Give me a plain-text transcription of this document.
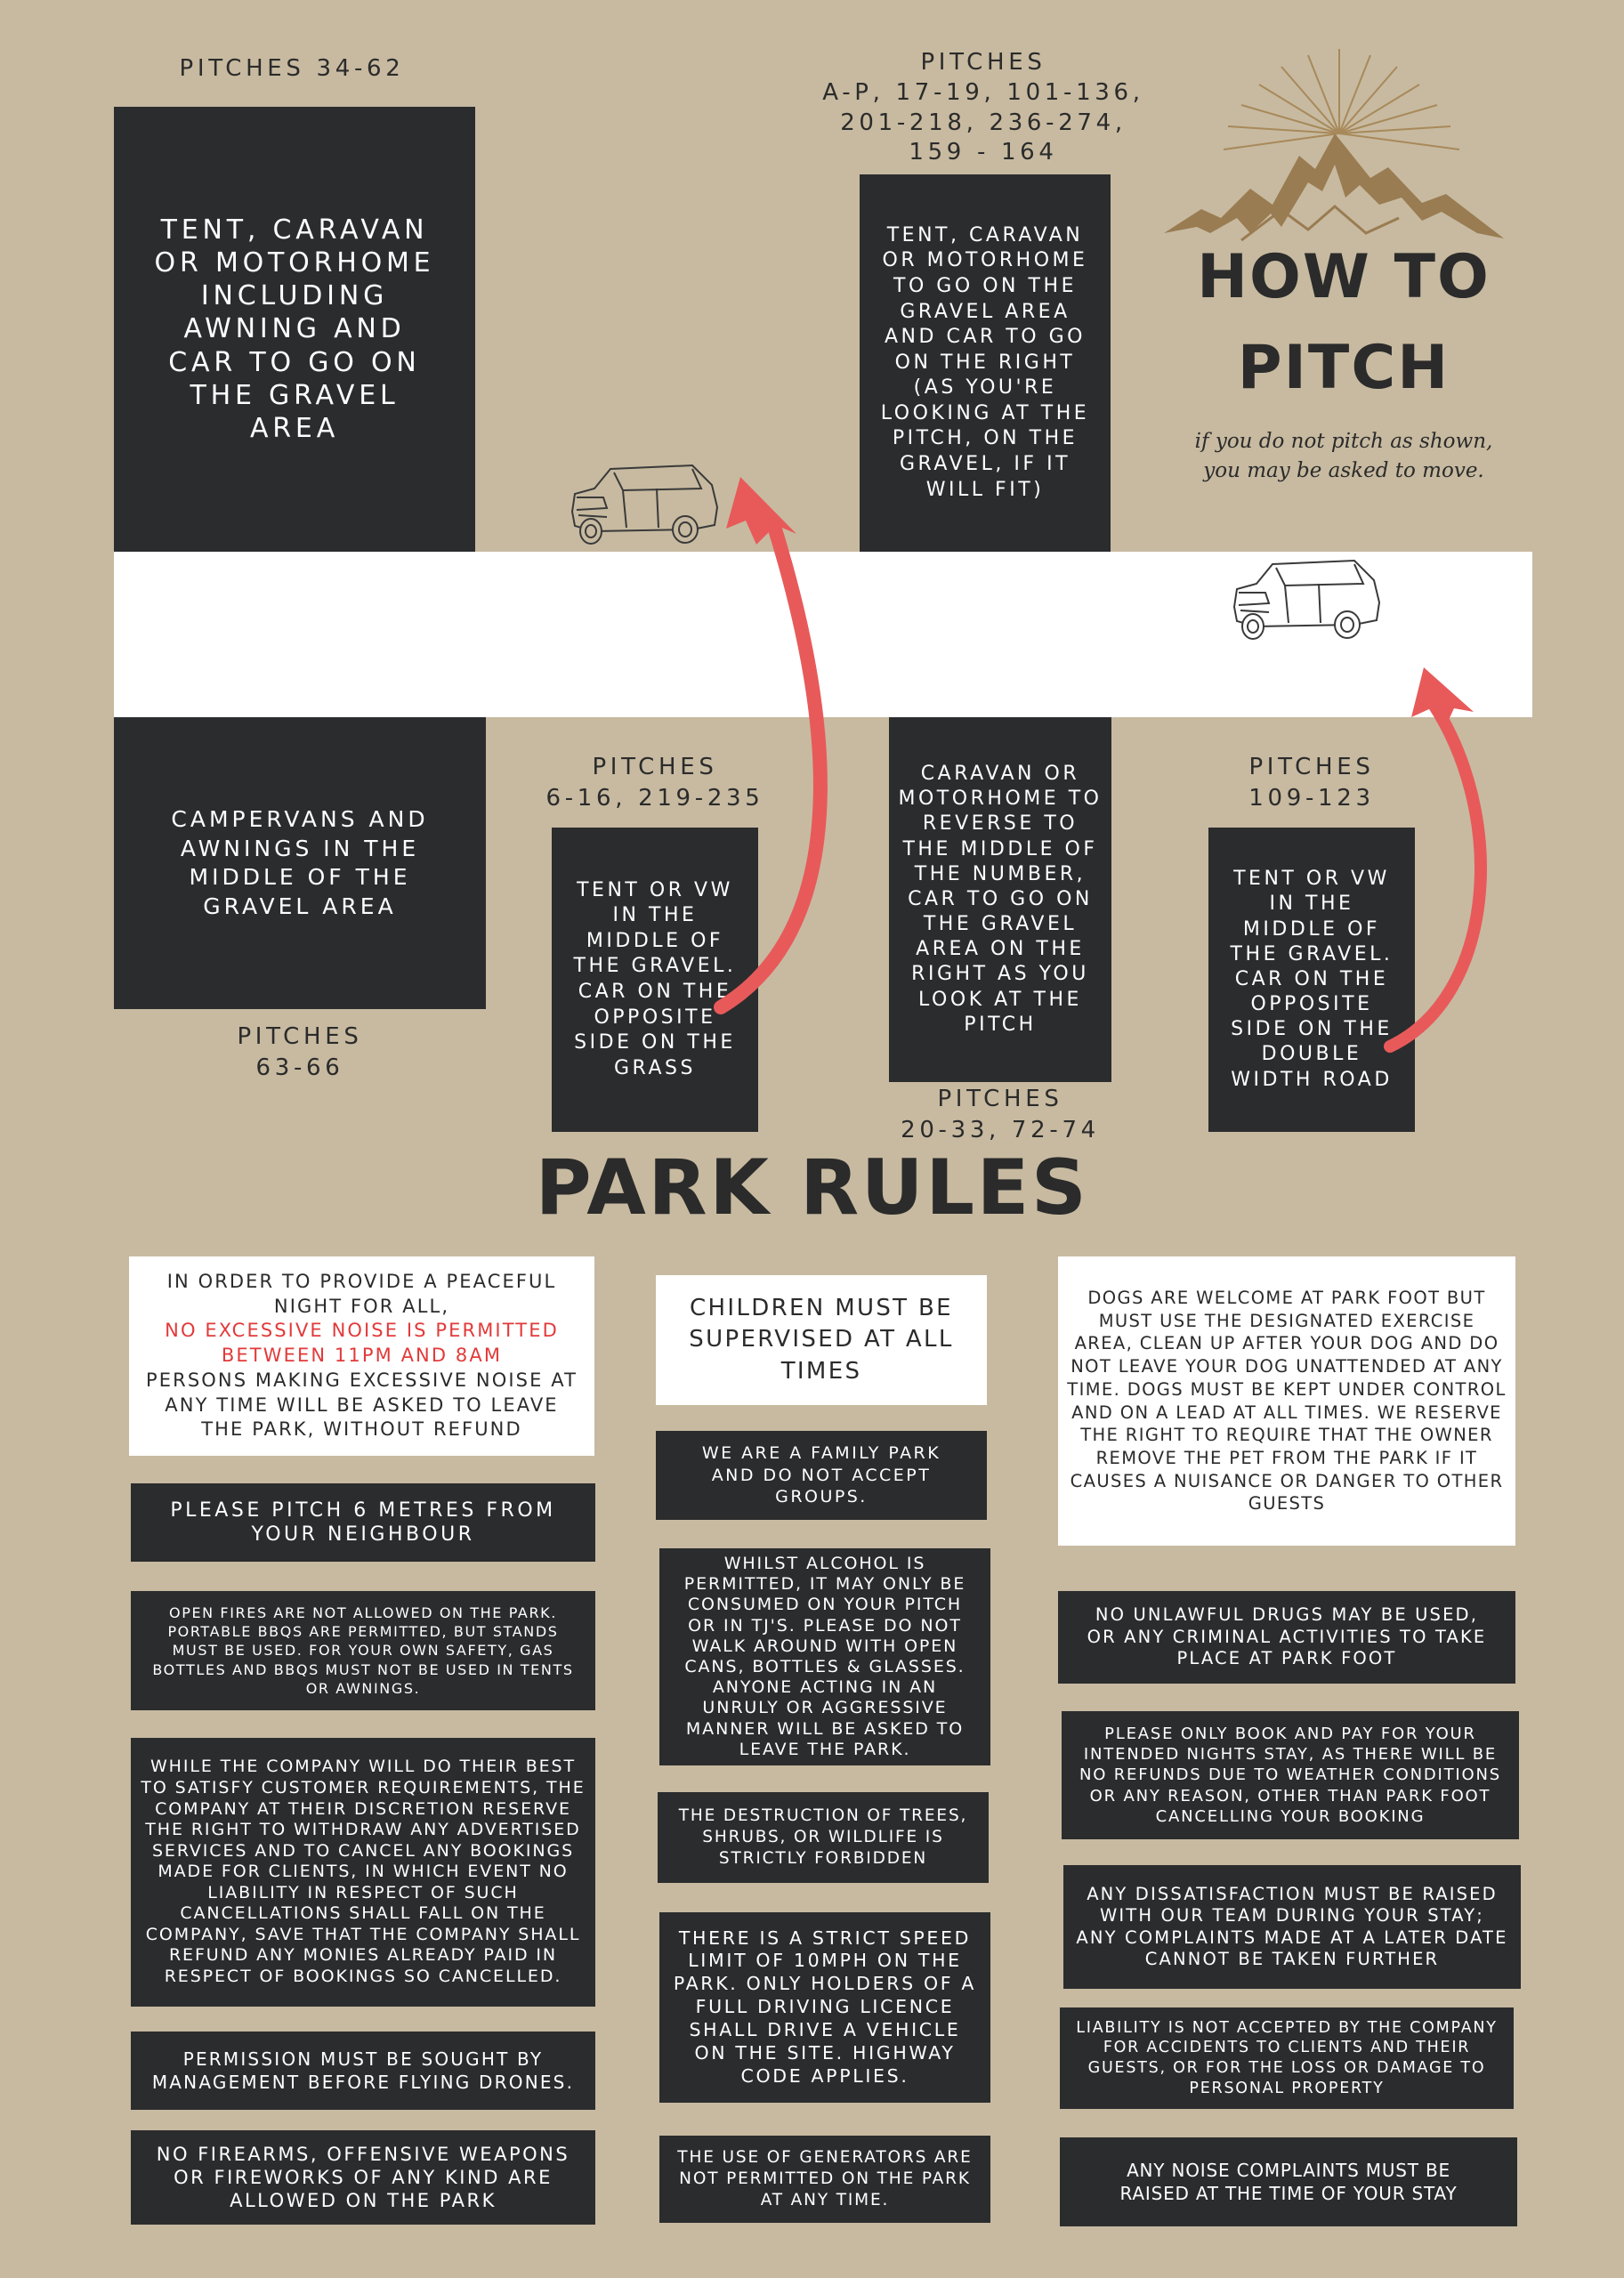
HOW TO
PITCH
if you do not pitch as shown,
you may be asked to move.
PITCHES 34-62	PITCHES
A-P, 17-19, 101-136,
201-218, 236-274,
159 - 164
TENT, CARAVAN OR MOTORHOME INCLUDING AWNING AND CAR TO GO ON THE GRAVEL AREA
TENT, CARAVAN OR MOTORHOME TO GO ON THE GRAVEL AREA AND CAR TO GO ON THE RIGHT (AS YOU'RE LOOKING AT THE PITCH, ON THE GRAVEL, IF IT WILL FIT)
CAMPERVANS AND AWNINGS IN THE MIDDLE OF THE GRAVEL AREA
TENT OR VW IN THE MIDDLE OF THE GRAVEL. CAR ON THE OPPOSITE SIDE ON THE GRASS
CARAVAN OR MOTORHOME TO REVERSE TO THE MIDDLE OF THE NUMBER, CAR TO GO ON THE GRAVEL AREA ON THE RIGHT AS YOU LOOK AT THE PITCH
TENT OR VW IN THE MIDDLE OF THE GRAVEL. CAR ON THE OPPOSITE SIDE ON THE DOUBLE WIDTH ROAD
PITCHES
63-66
PITCHES
6-16, 219-235
PITCHES
20-33, 72-74
PITCHES
109-123
PARK RULES
IN ORDER TO PROVIDE A PEACEFUL NIGHT FOR ALL,
NO EXCESSIVE NOISE IS PERMITTED BETWEEN 11PM AND 8AM
PERSONS MAKING EXCESSIVE NOISE AT ANY TIME WILL BE ASKED TO LEAVE THE PARK, WITHOUT REFUND
PLEASE PITCH 6 METRES FROM YOUR NEIGHBOUR
OPEN FIRES ARE NOT ALLOWED ON THE PARK. PORTABLE BBQS ARE PERMITTED, BUT STANDS MUST BE USED. FOR YOUR OWN SAFETY, GAS BOTTLES AND BBQS MUST NOT BE USED IN TENTS OR AWNINGS.
WHILE THE COMPANY WILL DO THEIR BEST TO SATISFY CUSTOMER REQUIREMENTS, THE COMPANY AT THEIR DISCRETION RESERVE THE RIGHT TO WITHDRAW ANY ADVERTISED SERVICES AND TO CANCEL ANY BOOKINGS MADE FOR CLIENTS, IN WHICH EVENT NO LIABILITY IN RESPECT OF SUCH CANCELLATIONS SHALL FALL ON THE COMPANY, SAVE THAT THE COMPANY SHALL REFUND ANY MONIES ALREADY PAID IN RESPECT OF BOOKINGS SO CANCELLED.
PERMISSION MUST BE SOUGHT BY MANAGEMENT BEFORE FLYING DRONES.
NO FIREARMS, OFFENSIVE WEAPONS OR FIREWORKS OF ANY KIND ARE ALLOWED ON THE PARK
CHILDREN MUST BE SUPERVISED AT ALL TIMES
WE ARE A FAMILY PARK AND DO NOT ACCEPT GROUPS.
WHILST ALCOHOL IS PERMITTED, IT MAY ONLY BE CONSUMED ON YOUR PITCH OR IN TJ'S. PLEASE DO NOT WALK AROUND WITH OPEN CANS, BOTTLES & GLASSES. ANYONE ACTING IN AN UNRULY OR AGGRESSIVE MANNER WILL BE ASKED TO LEAVE THE PARK.
THE DESTRUCTION OF TREES, SHRUBS, OR WILDLIFE IS STRICTLY FORBIDDEN
THERE IS A STRICT SPEED LIMIT OF 10MPH ON THE PARK. ONLY HOLDERS OF A FULL DRIVING LICENCE SHALL DRIVE A VEHICLE ON THE SITE. HIGHWAY CODE APPLIES.
THE USE OF GENERATORS ARE NOT PERMITTED ON THE PARK AT ANY TIME.
DOGS ARE WELCOME AT PARK FOOT BUT MUST USE THE DESIGNATED EXERCISE AREA, CLEAN UP AFTER YOUR DOG AND DO NOT LEAVE YOUR DOG UNATTENDED AT ANY TIME. DOGS MUST BE KEPT UNDER CONTROL AND ON A LEAD AT ALL TIMES. WE RESERVE THE RIGHT TO REQUIRE THAT THE OWNER REMOVE THE PET FROM THE PARK IF IT CAUSES A NUISANCE OR DANGER TO OTHER GUESTS
NO UNLAWFUL DRUGS MAY BE USED, OR ANY CRIMINAL ACTIVITIES TO TAKE PLACE AT PARK FOOT
PLEASE ONLY BOOK AND PAY FOR YOUR INTENDED NIGHTS STAY, AS THERE WILL BE NO REFUNDS DUE TO WEATHER CONDITIONS OR ANY REASON, OTHER THAN PARK FOOT CANCELLING YOUR BOOKING
ANY DISSATISFACTION MUST BE RAISED WITH OUR TEAM DURING YOUR STAY; ANY COMPLAINTS MADE AT A LATER DATE CANNOT BE TAKEN FURTHER
LIABILITY IS NOT ACCEPTED BY THE COMPANY FOR ACCIDENTS TO CLIENTS AND THEIR GUESTS, OR FOR THE LOSS OR DAMAGE TO PERSONAL PROPERTY
ANY NOISE COMPLAINTS MUST BE RAISED AT THE TIME OF YOUR STAY
